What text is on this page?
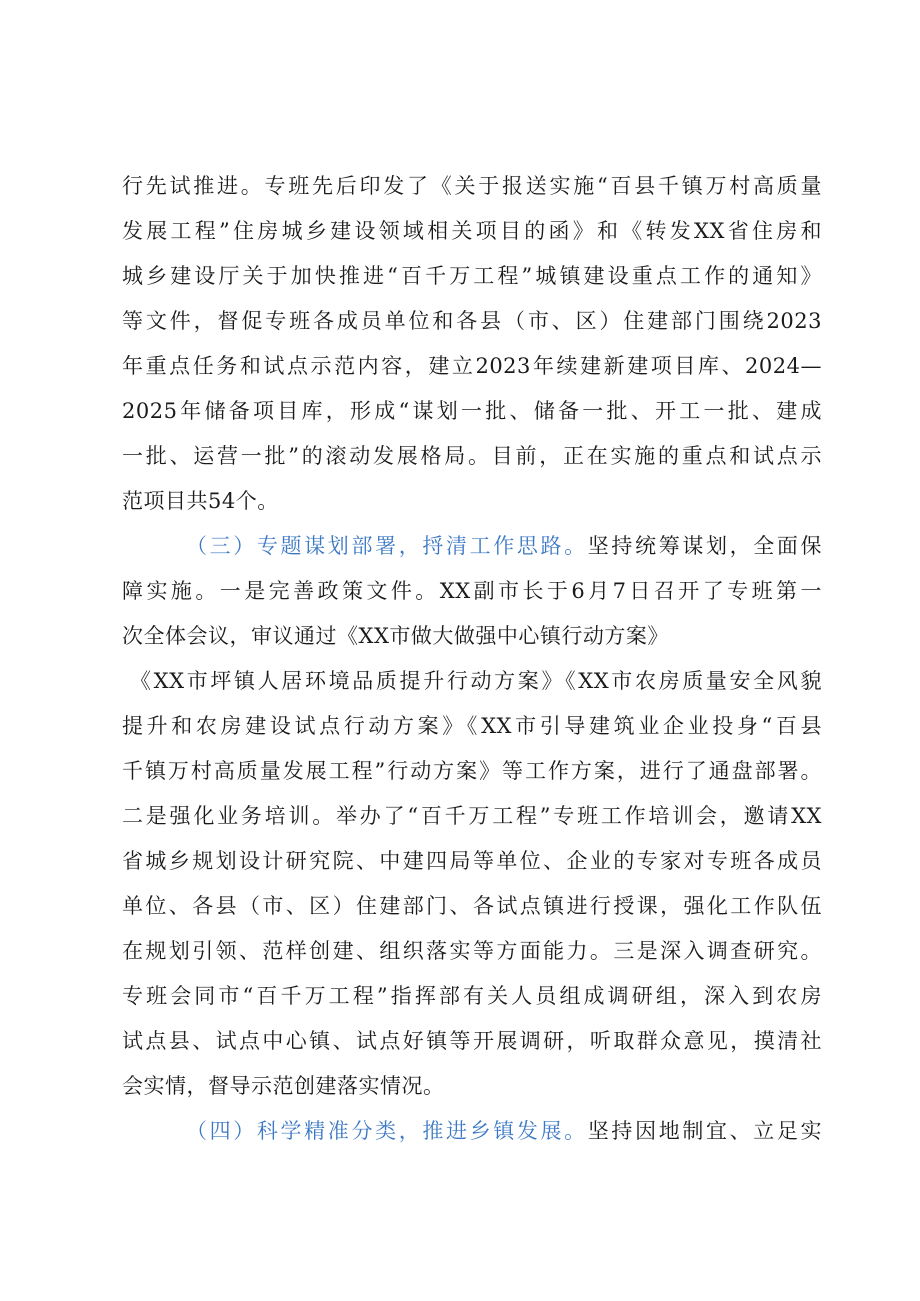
行先试推进。专班先后印发了《关于报送实施“百县千镇万村高质量
发展工程”住房城乡建设领域相关项目的函》和《转发XX省住房和
城乡建设厅关于加快推进“百千万工程”城镇建设重点工作的通知》
等文件，督促专班各成员单位和各县（市、区）住建部门围绕2023
年重点任务和试点示范内容，建立2023年续建新建项目库、2024—
2025年储备项目库，形成“谋划一批、储备一批、开工一批、建成
一批、运营一批”的滚动发展格局。目前，正在实施的重点和试点示
范项目共54个。
（三）专题谋划部署，捋清工作思路。坚持统筹谋划，全面保
障实施。一是完善政策文件。XX副市长于6月7日召开了专班第一
次全体会议，审议通过《XX市做大做强中心镇行动方案》
《XX市坪镇人居环境品质提升行动方案》《XX市农房质量安全风貌
提升和农房建设试点行动方案》《XX市引导建筑业企业投身“百县
千镇万村高质量发展工程”行动方案》等工作方案，进行了通盘部署。
二是强化业务培训。举办了“百千万工程”专班工作培训会，邀请XX
省城乡规划设计研究院、中建四局等单位、企业的专家对专班各成员
单位、各县（市、区）住建部门、各试点镇进行授课，强化工作队伍
在规划引领、范样创建、组织落实等方面能力。三是深入调查研究。
专班会同市“百千万工程”指挥部有关人员组成调研组，深入到农房
试点县、试点中心镇、试点好镇等开展调研，听取群众意见，摸清社
会实情，督导示范创建落实情况。
（四）科学精准分类，推进乡镇发展。坚持因地制宜、立足实
